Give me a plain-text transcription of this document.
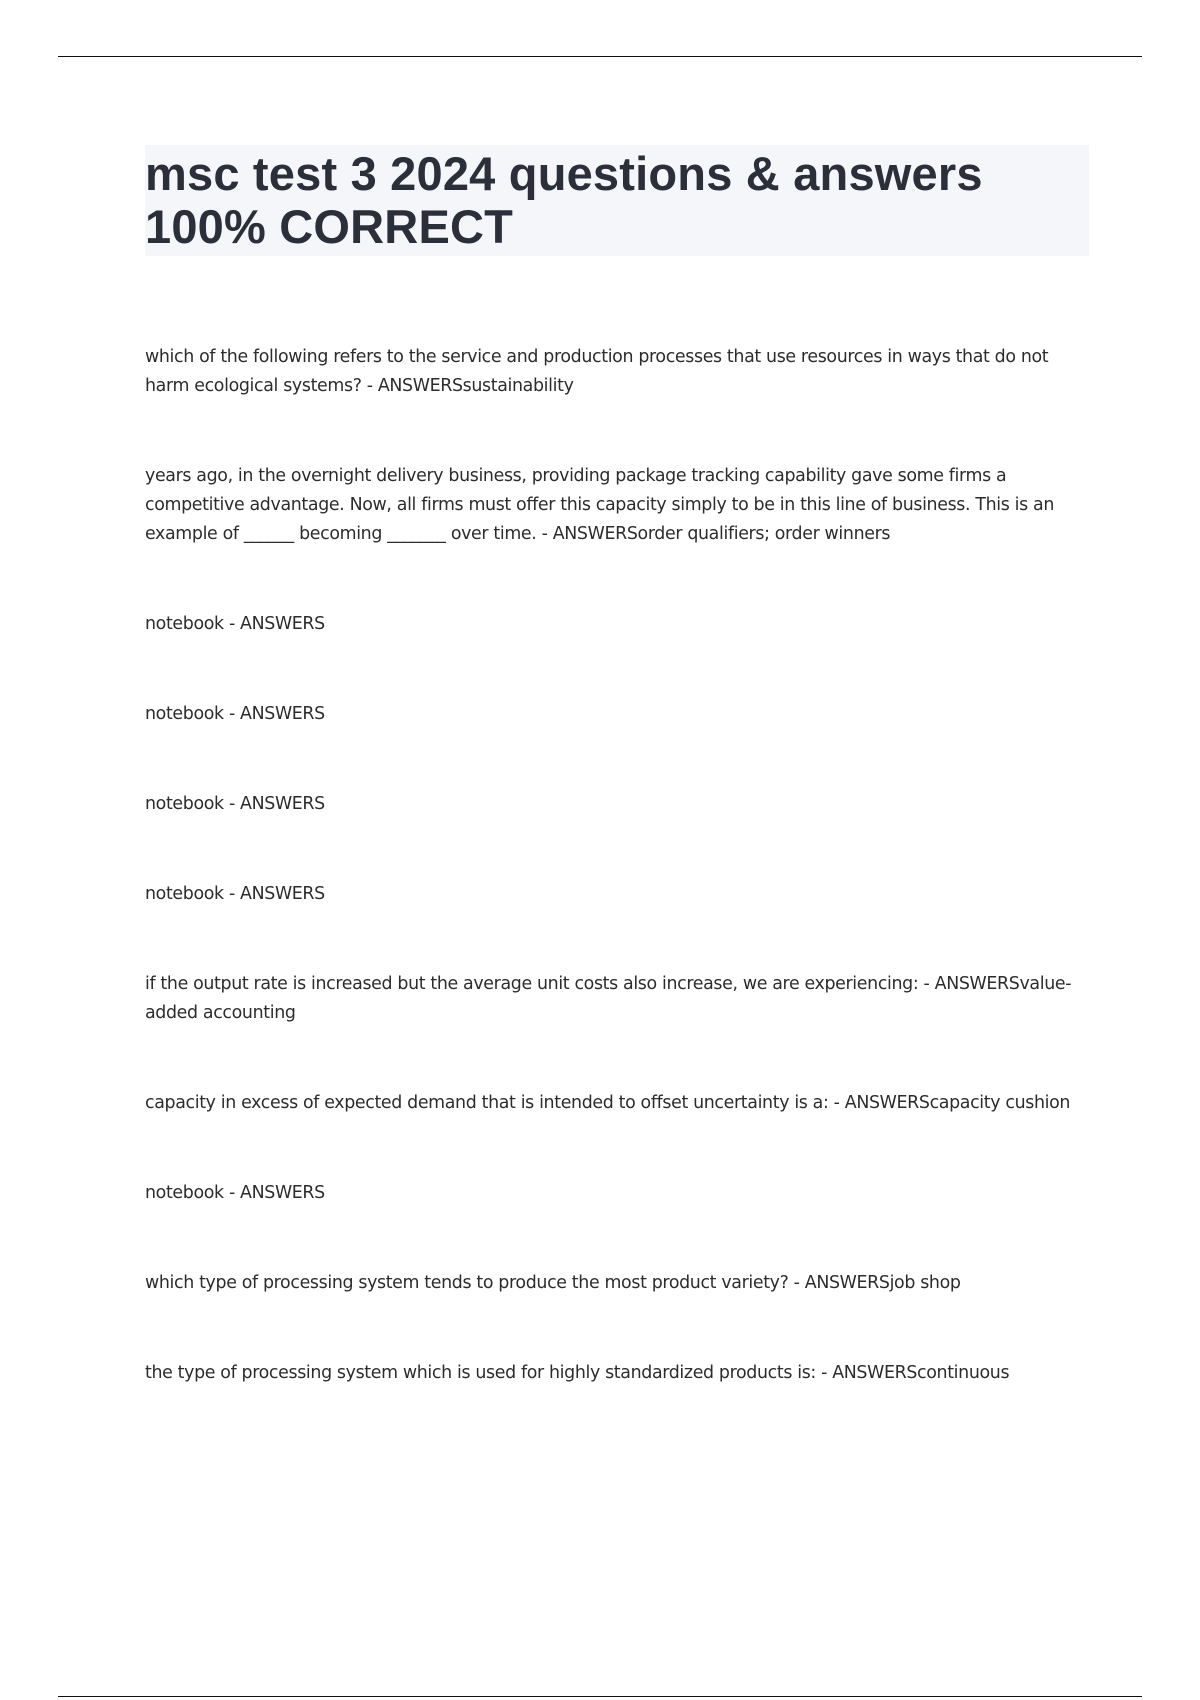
msc test 3 2024 questions & answers 100% CORRECT
which of the following refers to the service and production processes that use resources in ways that do not harm ecological systems? - ANSWERSsustainability
years ago, in the overnight delivery business, providing package tracking capability gave some firms a competitive advantage. Now, all firms must offer this capacity simply to be in this line of business. This is an example of ______ becoming _______ over time. - ANSWERSorder qualifiers; order winners
notebook - ANSWERS
notebook - ANSWERS
notebook - ANSWERS
notebook - ANSWERS
if the output rate is increased but the average unit costs also increase, we are experiencing: - ANSWERSvalue-added accounting
capacity in excess of expected demand that is intended to offset uncertainty is a: - ANSWERScapacity cushion
notebook - ANSWERS
which type of processing system tends to produce the most product variety? - ANSWERSjob shop
the type of processing system which is used for highly standardized products is: - ANSWERScontinuous
